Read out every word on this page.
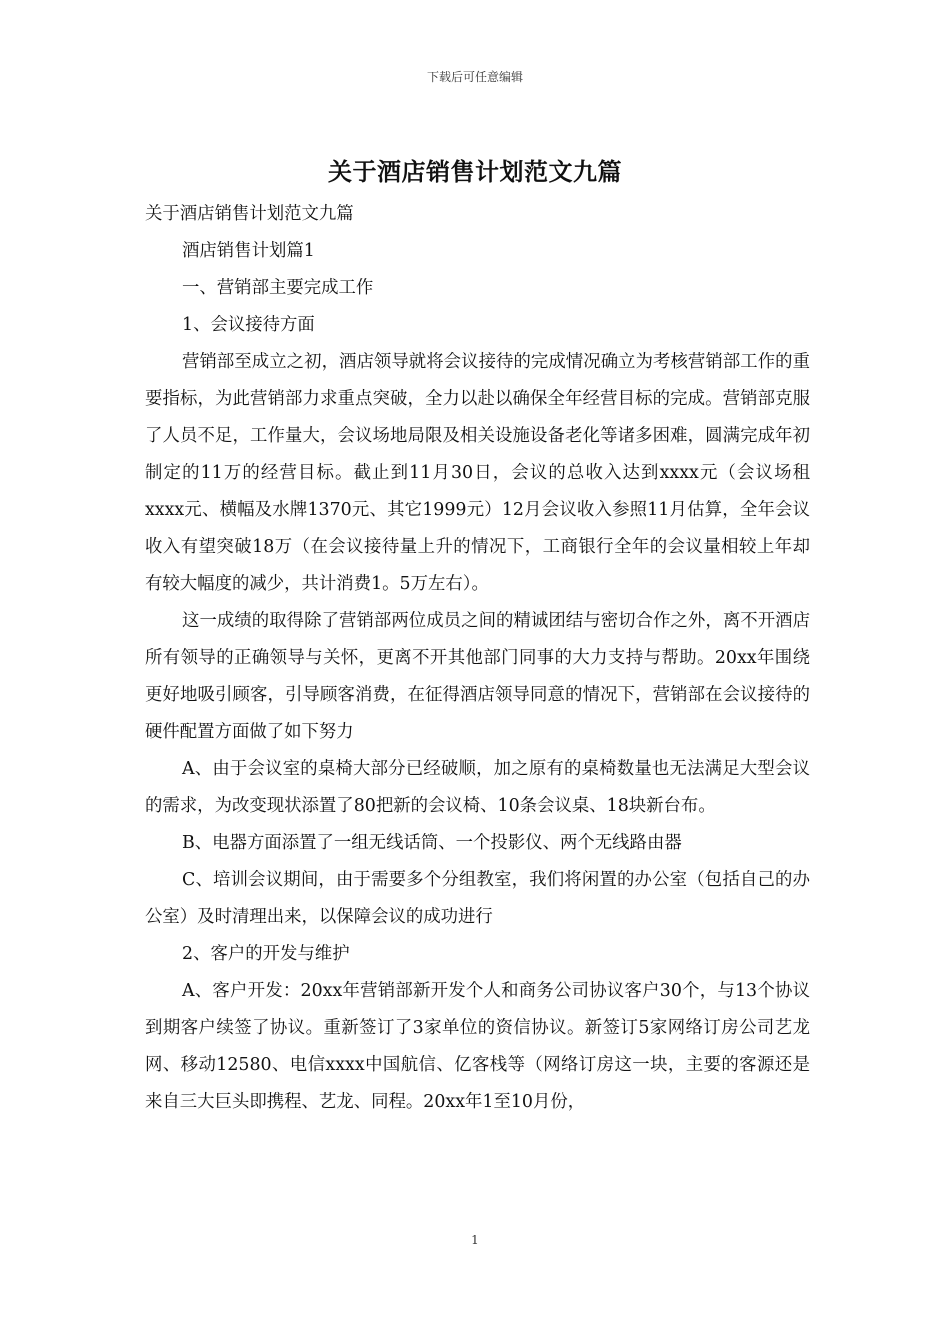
下载后可任意编辑
关于酒店销售计划范文九篇

关于酒店销售计划范文九篇

酒店销售计划篇1

一、营销部主要完成工作

1、会议接待方面

营销部至成立之初，酒店领导就将会议接待的完成情况确立为考核营销部工作的重要指标，为此营销部力求重点突破，全力以赴以确保全年经营目标的完成。营销部克服了人员不足，工作量大，会议场地局限及相关设施设备老化等诸多困难，圆满完成年初制定的11万的经营目标。截止到11月30日，会议的总收入达到xxxx元（会议场租xxxx元、横幅及水牌1370元、其它1999元）12月会议收入参照11月估算，全年会议收入有望突破18万（在会议接待量上升的情况下，工商银行全年的会议量相较上年却有较大幅度的减少，共计消费1。5万左右）。

这一成绩的取得除了营销部两位成员之间的精诚团结与密切合作之外，离不开酒店所有领导的正确领导与关怀，更离不开其他部门同事的大力支持与帮助。20xx年围绕更好地吸引顾客，引导顾客消费，在征得酒店领导同意的情况下，营销部在会议接待的硬件配置方面做了如下努力

A、由于会议室的桌椅大部分已经破顺，加之原有的桌椅数量也无法满足大型会议的需求，为改变现状添置了80把新的会议椅、10条会议桌、18块新台布。

B、电器方面添置了一组无线话筒、一个投影仪、两个无线路由器

C、培训会议期间，由于需要多个分组教室，我们将闲置的办公室（包括自己的办公室）及时清理出来，以保障会议的成功进行

2、客户的开发与维护

A、客户开发：20xx年营销部新开发个人和商务公司协议客户30个，与13个协议到期客户续签了协议。重新签订了3家单位的资信协议。新签订5家网络订房公司艺龙网、移动12580、电信xxxx中国航信、亿客栈等（网络订房这一块，主要的客源还是来自三大巨头即携程、艺龙、同程。20xx年1至10月份，

1
